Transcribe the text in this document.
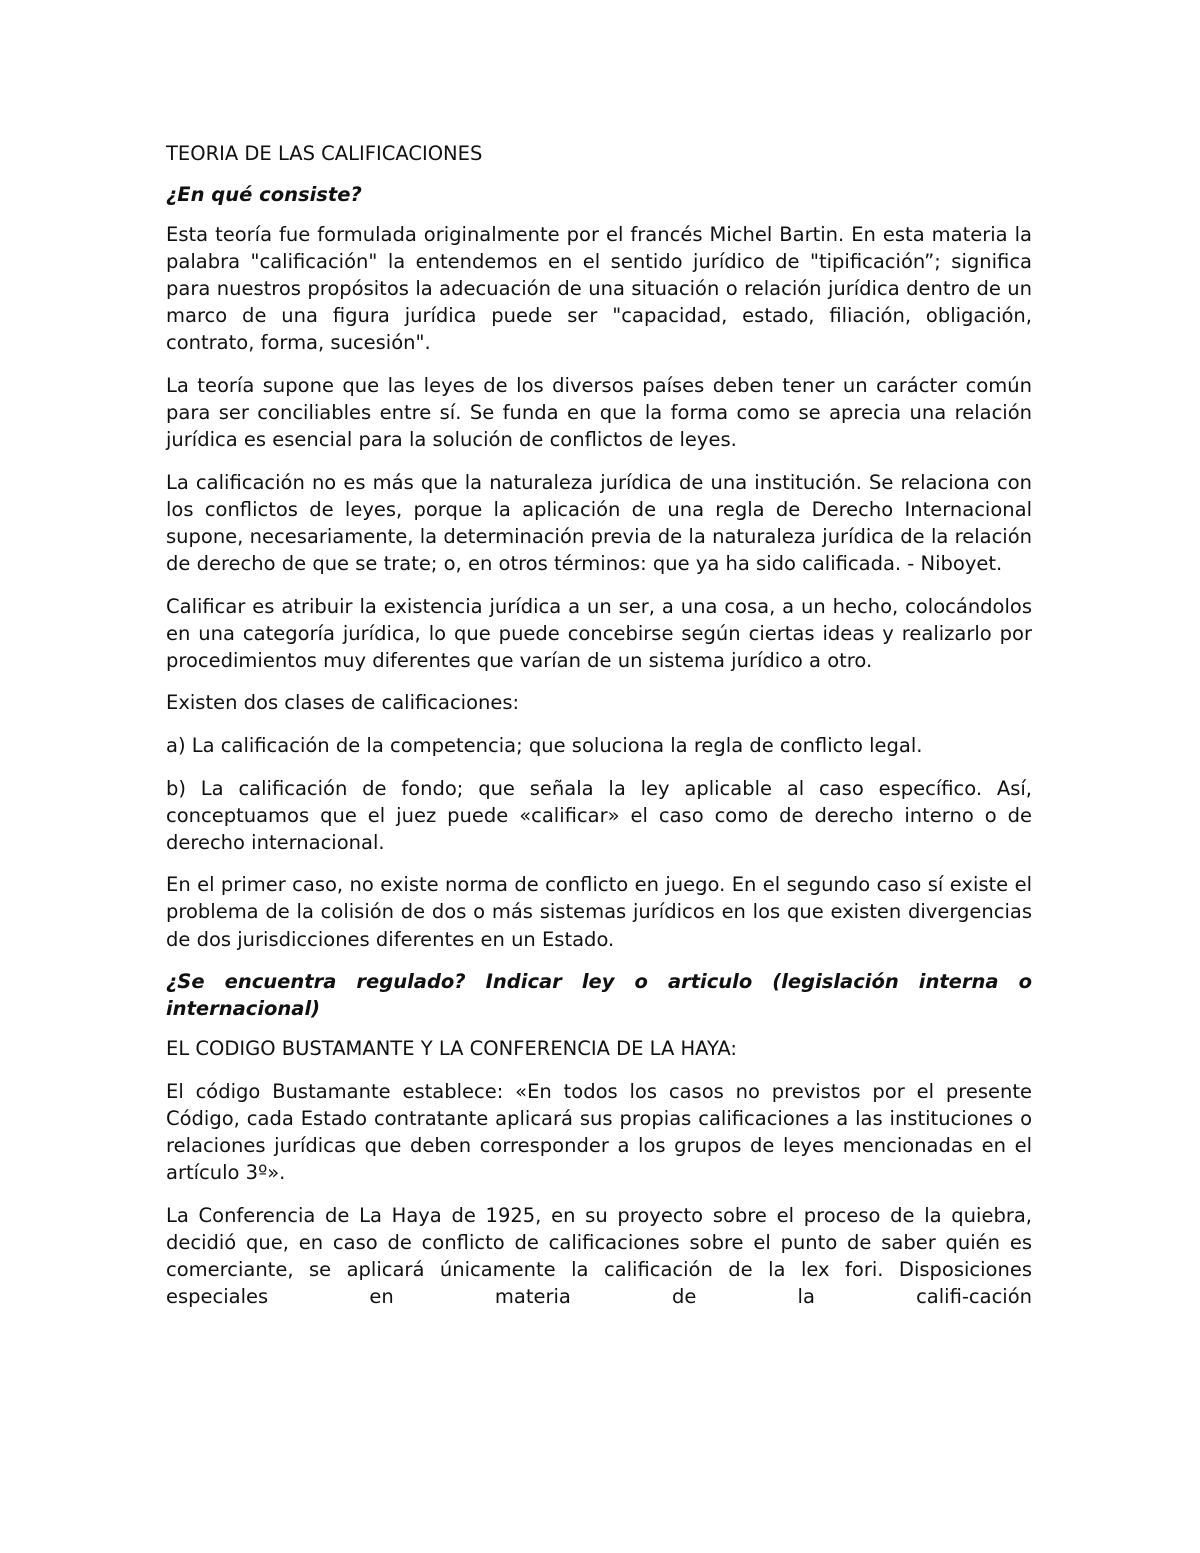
TEORIA DE LAS CALIFICACIONES
¿En qué consiste?

Esta teoría fue formulada originalmente por el francés Michel Bartin. En esta materia la palabra "calificación" la entendemos en el sentido jurídico de "tipificación”; significa para nuestros propósitos la adecuación de una situación o relación jurídica dentro de un marco de una figura jurídica puede ser "capacidad, estado, filiación, obligación, contrato, forma, sucesión".

La teoría supone que las leyes de los diversos países deben tener un carácter común para ser conciliables entre sí. Se funda en que la forma como se aprecia una relación jurídica es esencial para la solución de conflictos de leyes.

La calificación no es más que la naturaleza jurídica de una institución. Se relaciona con los conflictos de leyes, porque la aplicación de una regla de Derecho Internacional supone, necesariamente, la determinación previa de la naturaleza jurídica de la relación de derecho de que se trate; o, en otros términos: que ya ha sido calificada. - Niboyet.

Calificar es atribuir la existencia jurídica a un ser, a una cosa, a un hecho, colocándolos en una categoría jurídica, lo que puede concebirse según ciertas ideas y realizarlo por procedimientos muy diferentes que varían de un sistema jurídico a otro.

Existen dos clases de calificaciones:

a) La calificación de la competencia; que soluciona la regla de conflicto legal.

b) La calificación de fondo; que señala la ley aplicable al caso específico. Así, conceptuamos que el juez puede «calificar» el caso como de derecho interno o de derecho internacional.

En el primer caso, no existe norma de conflicto en juego. En el segundo caso sí existe el problema de la colisión de dos o más sistemas jurídicos en los que existen divergencias de dos jurisdicciones diferentes en un Estado.

¿Se encuentra regulado? Indicar ley o articulo (legislación interna o internacional)

EL CODIGO BUSTAMANTE Y LA CONFERENCIA DE LA HAYA:

El código Bustamante establece: «En todos los casos no previstos por el presente Código, cada Estado contratante aplicará sus propias calificaciones a las instituciones o relaciones jurídicas que deben corresponder a los grupos de leyes mencionadas en el artículo 3º».

La Conferencia de La Haya de 1925, en su proyecto sobre el proceso de la quiebra, decidió que, en caso de conflicto de calificaciones sobre el punto de saber quién es comerciante, se aplicará únicamente la calificación de la lex fori. Disposiciones especiales en materia de la califi-cación
